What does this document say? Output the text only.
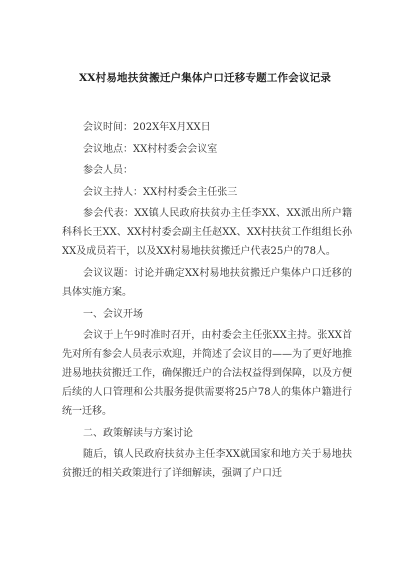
XX村易地扶贫搬迁户集体户口迁移专题工作会议记录

会议时间：202X年X月XX日

会议地点：XX村村委会会议室

参会人员：

会议主持人：XX村村委会主任张三

参会代表：XX镇人民政府扶贫办主任李XX、XX派出所户籍科科长王XX、XX村村委会副主任赵XX、XX村扶贫工作组组长孙XX及成员若干，以及XX村易地扶贫搬迁户代表25户的78人。

会议议题：讨论并确定XX村易地扶贫搬迁户集体户口迁移的具体实施方案。

一、会议开场

会议于上午9时准时召开，由村委会主任张XX主持。张XX首先对所有参会人员表示欢迎，并简述了会议目的——为了更好地推进易地扶贫搬迁工作，确保搬迁户的合法权益得到保障，以及方便后续的人口管理和公共服务提供需要将25户78人的集体户籍进行统一迁移。

二、政策解读与方案讨论

随后，镇人民政府扶贫办主任李XX就国家和地方关于易地扶贫搬迁的相关政策进行了详细解读，强调了户口迁
